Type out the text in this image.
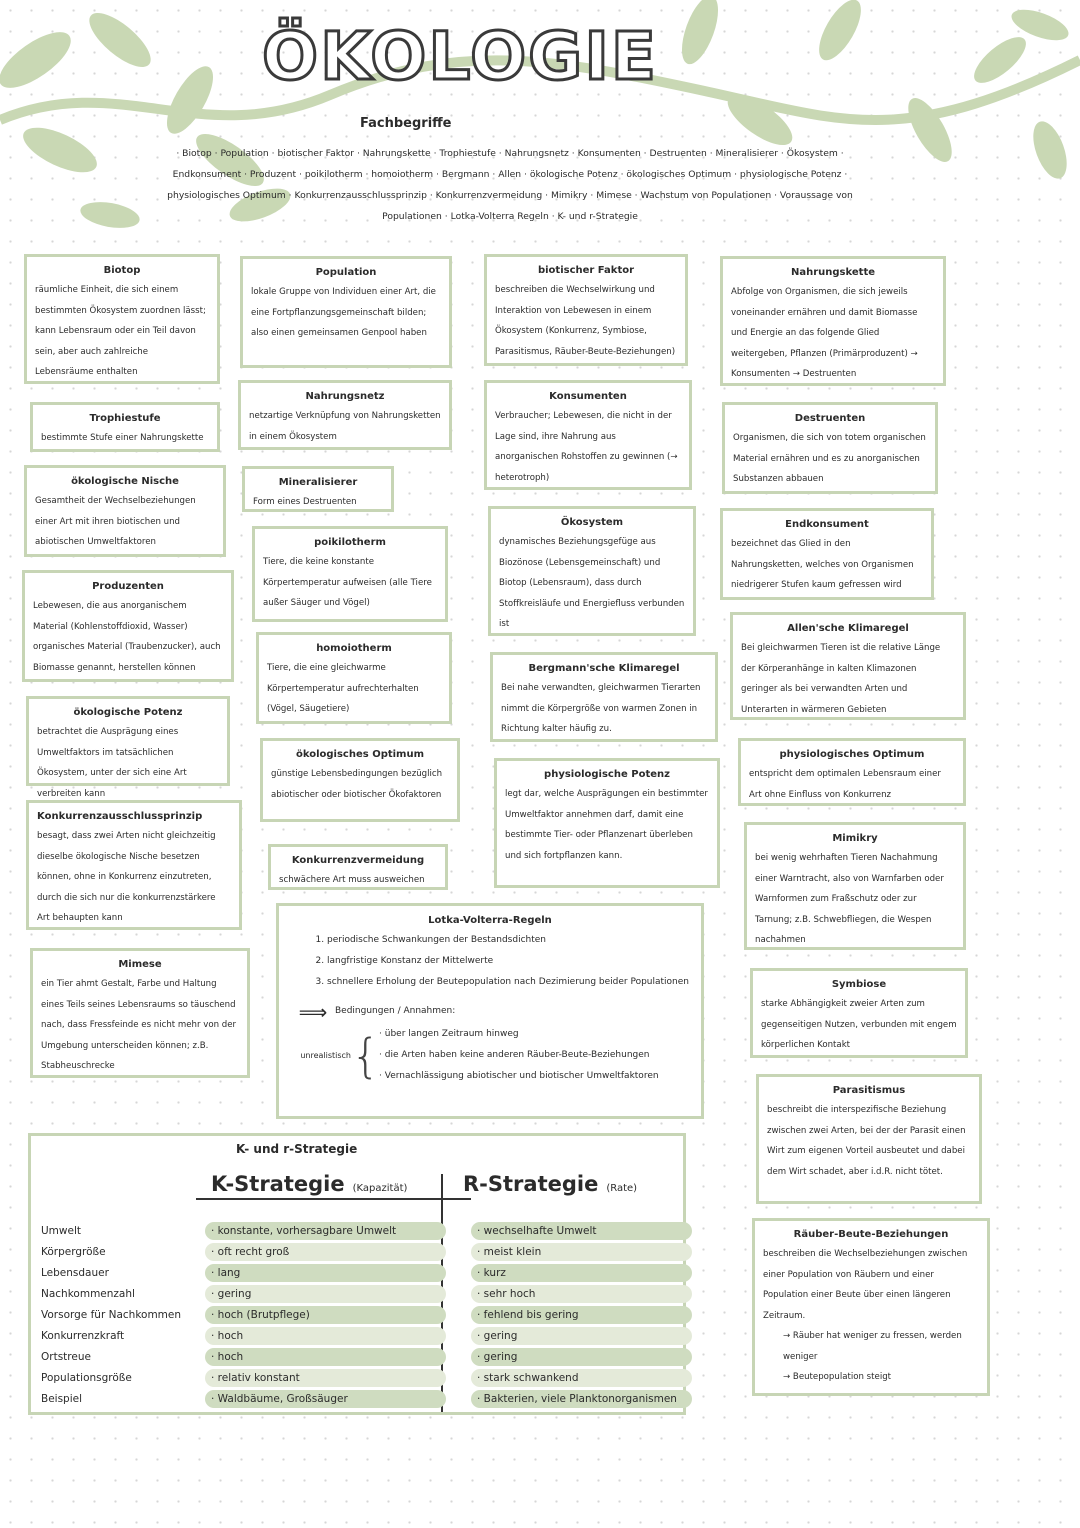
ÖKOLOGIE
Fachbegriffe
· Biotop · Population · biotischer Faktor · Nahrungskette · Trophiestufe · Nahrungsnetz · Konsumenten · Destruenten · Mineralisierer · Ökosystem · Endkonsument · Produzent · poikilotherm · homoiotherm · Bergmann · Allen · ökologische Potenz · ökologisches Optimum · physiologische Potenz · physiologisches Optimum · Konkurrenzausschlussprinzip · Konkurrenzvermeidung · Mimikry · Mimese · Wachstum von Populationen · Voraussage von Populationen · Lotka-Volterra Regeln · K- und r-Strategie
Biotop
räumliche Einheit, die sich einem bestimmten Ökosystem zuordnen lässt; kann Lebensraum oder ein Teil davon sein, aber auch zahlreiche Lebensräume enthalten
Trophiestufe
bestimmte Stufe einer Nahrungskette
ökologische Nische
Gesamtheit der Wechselbeziehungen einer Art mit ihren biotischen und abiotischen Umweltfaktoren
Produzenten
Lebewesen, die aus anorganischem Material (Kohlenstoffdioxid, Wasser) organisches Material (Traubenzucker), auch Biomasse genannt, herstellen können
ökologische Potenz
betrachtet die Ausprägung eines Umweltfaktors im tatsächlichen Ökosystem, unter der sich eine Art verbreiten kann
Konkurrenzausschlussprinzip
besagt, dass zwei Arten nicht gleichzeitig dieselbe ökologische Nische besetzen können, ohne in Konkurrenz einzutreten, durch die sich nur die konkurrenzstärkere Art behaupten kann
Mimese
ein Tier ahmt Gestalt, Farbe und Haltung eines Teils seines Lebensraums so täuschend nach, dass Fressfeinde es nicht mehr von der Umgebung unterscheiden können; z.B. Stabheuschrecke
Population
lokale Gruppe von Individuen einer Art, die eine Fortpflanzungsgemeinschaft bilden; also einen gemeinsamen Genpool haben
Nahrungsnetz
netzartige Verknüpfung von Nahrungsketten in einem Ökosystem
Mineralisierer
Form eines Destruenten
poikilotherm
Tiere, die keine konstante Körpertemperatur aufweisen (alle Tiere außer Säuger und Vögel)
homoiotherm
Tiere, die eine gleichwarme Körpertemperatur aufrechterhalten (Vögel, Säugetiere)
ökologisches Optimum
günstige Lebensbedingungen bezüglich abiotischer oder biotischer Ökofaktoren
Konkurrenzvermeidung
schwächere Art muss ausweichen
biotischer Faktor
beschreiben die Wechselwirkung und Interaktion von Lebewesen in einem Ökosystem (Konkurrenz, Symbiose, Parasitismus, Räuber-Beute-Beziehungen)
Konsumenten
Verbraucher; Lebewesen, die nicht in der Lage sind, ihre Nahrung aus anorganischen Rohstoffen zu gewinnen (→ heterotroph)
Ökosystem
dynamisches Beziehungsgefüge aus Biozönose (Lebensgemeinschaft) und Biotop (Lebensraum), dass durch Stoffkreisläufe und Energiefluss verbunden ist
Bergmann'sche Klimaregel
Bei nahe verwandten, gleichwarmen Tierarten nimmt die Körpergröße von warmen Zonen in Richtung kalter häufig zu.
physiologische Potenz
legt dar, welche Ausprägungen ein bestimmter Umweltfaktor annehmen darf, damit eine bestimmte Tier- oder Pflanzenart überleben und sich fortpflanzen kann.
Nahrungskette
Abfolge von Organismen, die sich jeweils voneinander ernähren und damit Biomasse und Energie an das folgende Glied weitergeben, Pflanzen (Primärproduzent) → Konsumenten → Destruenten
Destruenten
Organismen, die sich von totem organischen Material ernähren und es zu anorganischen Substanzen abbauen
Endkonsument
bezeichnet das Glied in den Nahrungsketten, welches von Organismen niedrigerer Stufen kaum gefressen wird
Allen'sche Klimaregel
Bei gleichwarmen Tieren ist die relative Länge der Körperanhänge in kalten Klimazonen geringer als bei verwandten Arten und Unterarten in wärmeren Gebieten
physiologisches Optimum
entspricht dem optimalen Lebensraum einer Art ohne Einfluss von Konkurrenz
Mimikry
bei wenig wehrhaften Tieren Nachahmung einer Warntracht, also von Warnfarben oder Warnformen zum Fraßschutz oder zur Tarnung; z.B. Schwebfliegen, die Wespen nachahmen
Symbiose
starke Abhängigkeit zweier Arten zum gegenseitigen Nutzen, verbunden mit engem körperlichen Kontakt
Parasitismus
beschreibt die interspezifische Beziehung zwischen zwei Arten, bei der der Parasit einen Wirt zum eigenen Vorteil ausbeutet und dabei dem Wirt schadet, aber i.d.R. nicht tötet.
Räuber-Beute-Beziehungen
beschreiben die Wechselbeziehungen zwischen einer Population von Räubern und einer Population einer Beute über einen längeren Zeitraum.
→ Räuber hat weniger zu fressen, werden weniger
→ Beutepopulation steigt
Lotka-Volterra-Regeln
1. periodische Schwankungen der Bestandsdichten
2. langfristige Konstanz der Mittelwerte
3. schnellere Erholung der Beutepopulation nach Dezimierung beider Populationen
⟹ Bedingungen / Annahmen:
unrealistisch {
· über langen Zeitraum hinweg
· die Arten haben keine anderen Räuber-Beute-Beziehungen
· Vernachlässigung abiotischer und biotischer Umweltfaktoren
K- und r-Strategie
K-Strategie (Kapazität)	R-Strategie (Rate)
Umwelt	· konstante, vorhersagbare Umwelt	· wechselhafte Umwelt
Körpergröße	· oft recht groß	· meist klein
Lebensdauer	· lang	· kurz
Nachkommenzahl	· gering	· sehr hoch
Vorsorge für Nachkommen	· hoch (Brutpflege)	· fehlend bis gering
Konkurrenzkraft	· hoch	· gering
Ortstreue	· hoch	· gering
Populationsgröße	· relativ konstant	· stark schwankend
Beispiel	· Waldbäume, Großsäuger	· Bakterien, viele Planktonorganismen
